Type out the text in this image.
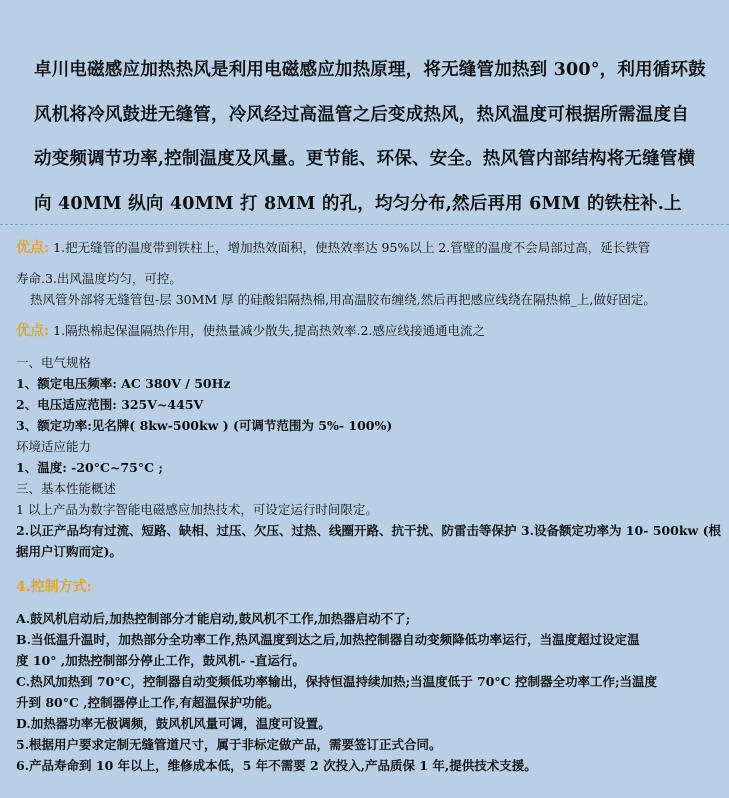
卓川电磁感应加热热风是利用电磁感应加热原理，将无缝管加热到 300°，利用循环鼓

风机将冷风鼓进无缝管，冷风经过高温管之后变成热风，热风温度可根据所需温度自

动变频调节功率,控制温度及风量。更节能、环保、安全。热风管内部结构将无缝管横

向 40MM 纵向 40MM 打 8MM 的孔，均匀分布,然后再用 6MM 的铁柱补.上

优点: 1.把无缝管的温度带到铁柱上，增加热效面积，使热效率达 95%以上 2.管壁的温度不会局部过高，延长铁管
寿命.3.出风温度均匀，可控。
热风管外部将无缝管包-层 30MM 厚 的硅酸铝隔热棉,用高温胶布缠绕,然后再把感应线绕在隔热棉_上,做好固定。
优点: 1.隔热棉起保温隔热作用，使热量减少散失,提高热效率.2.感应线接通通电流之
一、电气规格
1、额定电压频率: AC 380V / 50Hz
2、电压适应范围: 325V~445V
3、额定功率:见名牌( 8kw-500kw ) (可调节范围为 5%- 100%)
环境适应能力
1、温度: -20°C~75°C ;
三、基本性能概述
1 以上产品为数字智能电磁感应加热技术，可设定运行时间限定。
2.以正产品均有过流、短路、缺相、过压、欠压、过热、线圈开路、抗干扰、防雷击等保护 3.设备额定功率为 10- 500kw (根
据用户订购而定)。
4.控制方式:
A.鼓风机启动后,加热控制部分才能启动,鼓风机不工作,加热器启动不了;
B.当低温升温时，加热部分全功率工作,热风温度到达之后,加热控制器自动变频降低功率运行，当温度超过设定温
度 10° ,加热控制部分停止工作，鼓风机- -直运行。
C.热风加热到 70°C，控制器自动变频低功率输出，保持恒温持续加热;当温度低于 70°C 控制器全功率工作;当温度
升到 80°C ,控制器停止工作,有超温保护功能。
D.加热器功率无极调频，鼓风机风量可调，温度可设置。
5.根据用户要求定制无缝管道尺寸，属于非标定做产品，需要签订正式合同。
6.产品寿命到 10 年以上，维修成本低，5 年不需要 2 次投入,产品质保 1 年,提供技术支援。
